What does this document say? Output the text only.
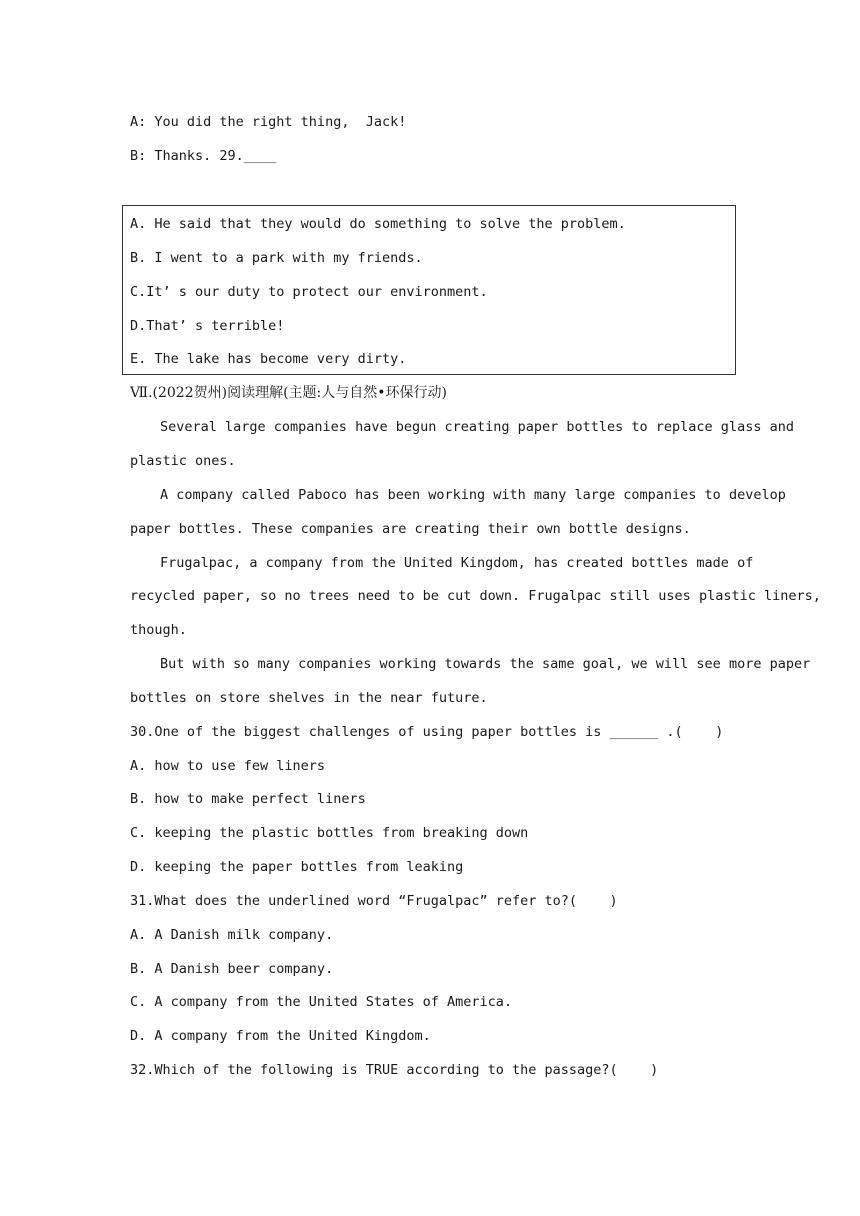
A: You did the right thing,  Jack!
B: Thanks. 29.____
A. He said that they would do something to solve the problem.
B. I went to a park with my friends.
C.It’ s our duty to protect our environment.
D.That’ s terrible!
E. The lake has become very dirty.
Ⅶ.(2022贺州)阅读理解(主题:人与自然•环保行动)
Several large companies have begun creating paper bottles to replace glass and
plastic ones.
A company called Paboco has been working with many large companies to develop
paper bottles. These companies are creating their own bottle designs.
Frugalpac, a company from the United Kingdom, has created bottles made of
recycled paper, so no trees need to be cut down. Frugalpac still uses plastic liners,
though.
But with so many companies working towards the same goal, we will see more paper
bottles on store shelves in the near future.
30.One of the biggest challenges of using paper bottles is ______ .(    )
A. how to use few liners
B. how to make perfect liners
C. keeping the plastic bottles from breaking down
D. keeping the paper bottles from leaking
31.What does the underlined word “Frugalpac” refer to?(    )
A. A Danish milk company.
B. A Danish beer company.
C. A company from the United States of America.
D. A company from the United Kingdom.
32.Which of the following is TRUE according to the passage?(    )
